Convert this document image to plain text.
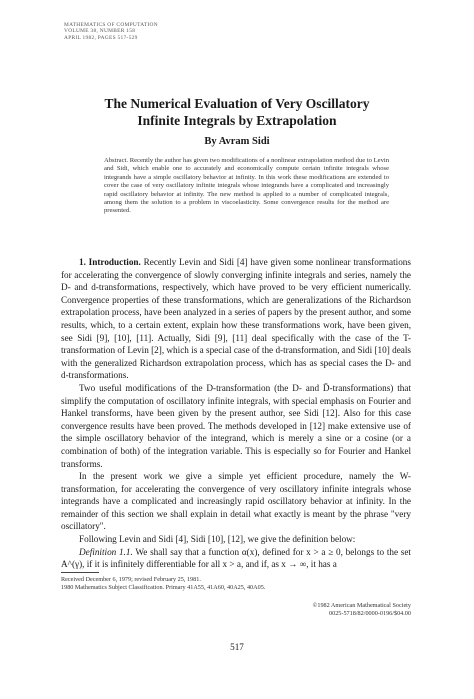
MATHEMATICS OF COMPUTATION
VOLUME 38, NUMBER 158
APRIL 1982, PAGES 517-529
The Numerical Evaluation of Very Oscillatory
Infinite Integrals by Extrapolation
By Avram Sidi
Abstract. Recently the author has given two modifications of a nonlinear extrapolation method due to Levin and Sidi, which enable one to accurately and economically compute certain infinite integrals whose integrands have a simple oscillatory behavior at infinity. In this work these modifications are extended to cover the case of very oscillatory infinite integrals whose integrands have a complicated and increasingly rapid oscillatory behavior at infinity. The new method is applied to a number of complicated integrals, among them the solution to a problem in viscoelasticity. Some convergence results for the method are presented.

1. Introduction. Recently Levin and Sidi [4] have given some nonlinear transformations for accelerating the convergence of slowly converging infinite integrals and series, namely the D- and d-transformations, respectively, which have proved to be very efficient numerically. Convergence properties of these transformations, which are generalizations of the Richardson extrapolation process, have been analyzed in a series of papers by the present author, and some results, which, to a certain extent, explain how these transformations work, have been given, see Sidi [9], [10], [11]. Actually, Sidi [9], [11] deal specifically with the case of the T-transformation of Levin [2], which is a special case of the d-transformation, and Sidi [10] deals with the generalized Richardson extrapolation process, which has as special cases the D- and d-transformations.

Two useful modifications of the D-transformation (the D- and D̄-transformations) that simplify the computation of oscillatory infinite integrals, with special emphasis on Fourier and Hankel transforms, have been given by the present author, see Sidi [12]. Also for this case convergence results have been proved. The methods developed in [12] make extensive use of the simple oscillatory behavior of the integrand, which is merely a sine or a cosine (or a combination of both) of the integration variable. This is especially so for Fourier and Hankel transforms.

In the present work we give a simple yet efficient procedure, namely the W-transformation, for accelerating the convergence of very oscillatory infinite integrals whose integrands have a complicated and increasingly rapid oscillatory behavior at infinity. In the remainder of this section we shall explain in detail what exactly is meant by the phrase "very oscillatory".

Following Levin and Sidi [4], Sidi [10], [12], we give the definition below:

Definition 1.1. We shall say that a function α(x), defined for x > a ≥ 0, belongs to the set A^(γ), if it is infinitely differentiable for all x > a, and if, as x → ∞, it has a

Received December 6, 1979; revised February 25, 1981.
1980 Mathematics Subject Classification. Primary 41A55, 41A60, 40A25, 40A05.
©1982 American Mathematical Society
0025-5718/82/0000-0196/$04.00
517
